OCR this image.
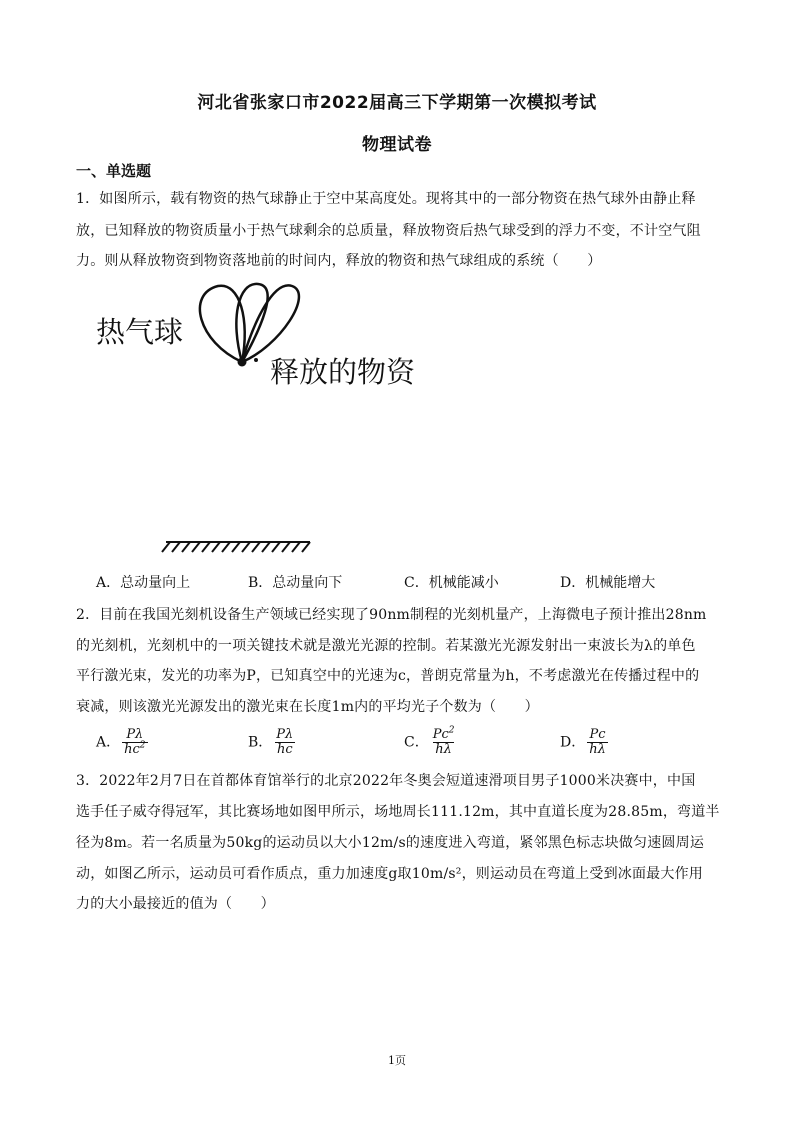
河北省张家口市2022届高三下学期第一次模拟考试
物理试卷
一、单选题
1．如图所示，载有物资的热气球静止于空中某高度处。现将其中的一部分物资在热气球外由静止释
放，已知释放的物资质量小于热气球剩余的总质量，释放物资后热气球受到的浮力不变，不计空气阻
力。则从释放物资到物资落地前的时间内，释放的物资和热气球组成的系统（　　）
热气球
释放的物资
A．总动量向上	B．总动量向下	C．机械能减小	D．机械能增大
2．目前在我国光刻机设备生产领域已经实现了90nm制程的光刻机量产，上海微电子预计推出28nm
的光刻机，光刻机中的一项关键技术就是激光光源的控制。若某激光光源发射出一束波长为λ的单色
平行激光束，发光的功率为P，已知真空中的光速为c，普朗克常量为h，不考虑激光在传播过程中的
衰减，则该激光光源发出的激光束在长度1m内的平均光子个数为（　　）
A． $\frac{P\lambda}{hc^2}$	B． $\frac{P\lambda}{hc}$	C． $\frac{Pc^2}{h\lambda}$	D． $\frac{Pc}{h\lambda}$
3．2022年2月7日在首都体育馆举行的北京2022年冬奥会短道速滑项目男子1000米决赛中，中国
选手任子威夺得冠军，其比赛场地如图甲所示，场地周长111.12m，其中直道长度为28.85m，弯道半
径为8m。若一名质量为50kg的运动员以大小12m/s的速度进入弯道，紧邻黑色标志块做匀速圆周运
动，如图乙所示，运动员可看作质点，重力加速度g取10m/s²，则运动员在弯道上受到冰面最大作用
力的大小最接近的值为（　　）
1页
